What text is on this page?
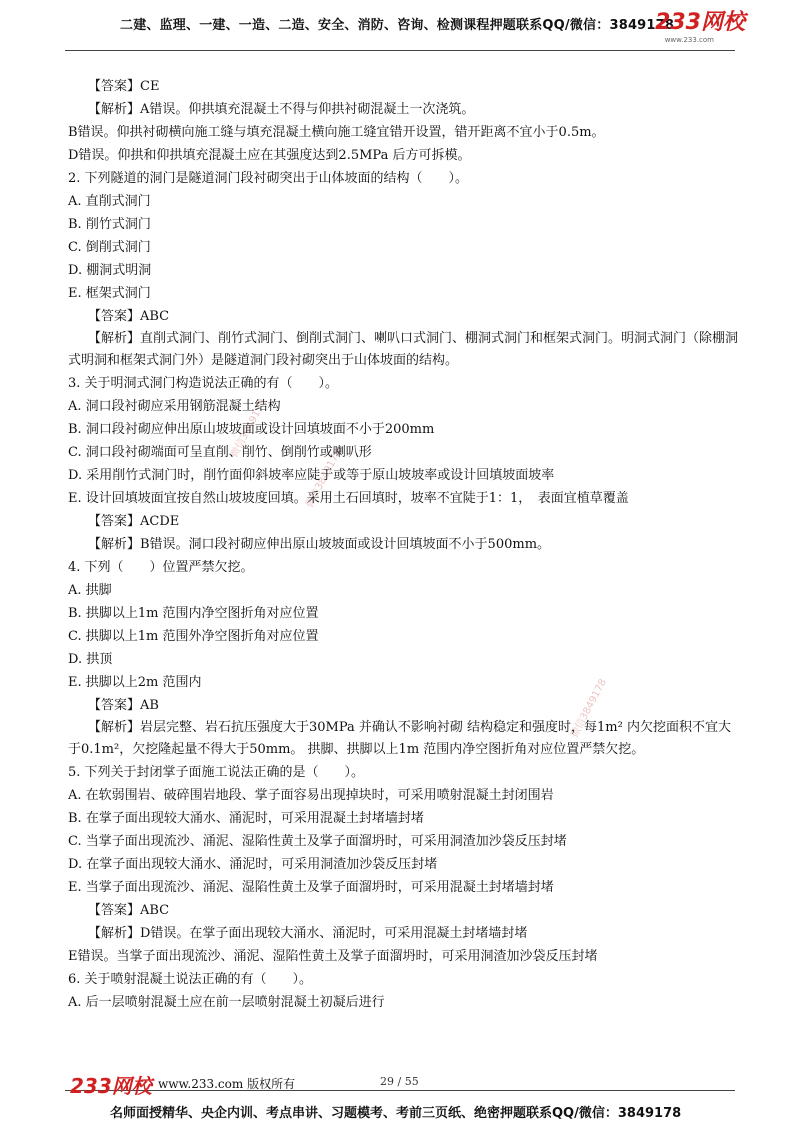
二建、监理、一建、一造、二造、安全、消防、咨询、检测课程押题联系QQ/微信：3849178
233网校
www.233.com
微信3849178
微信3849178
微信3849178
【答案】CE
【解析】A错误。仰拱填充混凝土不得与仰拱衬砌混凝土一次浇筑。
B错误。仰拱衬砌横向施工缝与填充混凝土横向施工缝宜错开设置，错开距离不宜小于0.5m。
D错误。仰拱和仰拱填充混凝土应在其强度达到2.5MPa 后方可拆模。
2. 下列隧道的洞门是隧道洞门段衬砌突出于山体坡面的结构（　　）。
A. 直削式洞门
B. 削竹式洞门
C. 倒削式洞门
D. 棚洞式明洞
E. 框架式洞门
【答案】ABC
【解析】直削式洞门、削竹式洞门、倒削式洞门、喇叭口式洞门、棚洞式洞门和框架式洞门。明洞式洞门（除棚洞式明洞和框架式洞门外）是隧道洞门段衬砌突出于山体坡面的结构。
3. 关于明洞式洞门构造说法正确的有（　　）。
A. 洞口段衬砌应采用钢筋混凝土结构
B. 洞口段衬砌应伸出原山坡坡面或设计回填坡面不小于200mm
C. 洞口段衬砌端面可呈直削、削竹、倒削竹或喇叭形
D. 采用削竹式洞门时，削竹面仰斜坡率应陡于或等于原山坡坡率或设计回填坡面坡率
E. 设计回填坡面宜按自然山坡坡度回填。采用土石回填时，坡率不宜陡于1：1，　表面宜植草覆盖
【答案】ACDE
【解析】B错误。洞口段衬砌应伸出原山坡坡面或设计回填坡面不小于500mm。
4. 下列（　　）位置严禁欠挖。
A. 拱脚
B. 拱脚以上1m 范围内净空图折角对应位置
C. 拱脚以上1m 范围外净空图折角对应位置
D. 拱顶
E. 拱脚以上2m 范围内
【答案】AB
【解析】岩层完整、岩石抗压强度大于30MPa 并确认不影响衬砌 结构稳定和强度时，每1m² 内欠挖面积不宜大于0.1m²，欠挖隆起量不得大于50mm。 拱脚、拱脚以上1m 范围内净空图折角对应位置严禁欠挖。
5. 下列关于封闭掌子面施工说法正确的是（　　）。
A. 在软弱围岩、破碎围岩地段、掌子面容易出现掉块时，可采用喷射混凝土封闭围岩
B. 在掌子面出现较大涌水、涌泥时，可采用混凝土封堵墙封堵
C. 当掌子面出现流沙、涌泥、湿陷性黄土及掌子面溜坍时，可采用洞渣加沙袋反压封堵
D. 在掌子面出现较大涌水、涌泥时，可采用洞渣加沙袋反压封堵
E. 当掌子面出现流沙、涌泥、湿陷性黄土及掌子面溜坍时，可采用混凝土封堵墙封堵
【答案】ABC
【解析】D错误。在掌子面出现较大涌水、涌泥时，可采用混凝土封堵墙封堵
E错误。当掌子面出现流沙、涌泥、湿陷性黄土及掌子面溜坍时，可采用洞渣加沙袋反压封堵
6. 关于喷射混凝土说法正确的有（　　）。
A. 后一层喷射混凝土应在前一层喷射混凝土初凝后进行
233网校 www.233.com 版权所有	29 / 55
名师面授精华、央企内训、考点串讲、习题模考、考前三页纸、绝密押题联系QQ/微信：3849178
